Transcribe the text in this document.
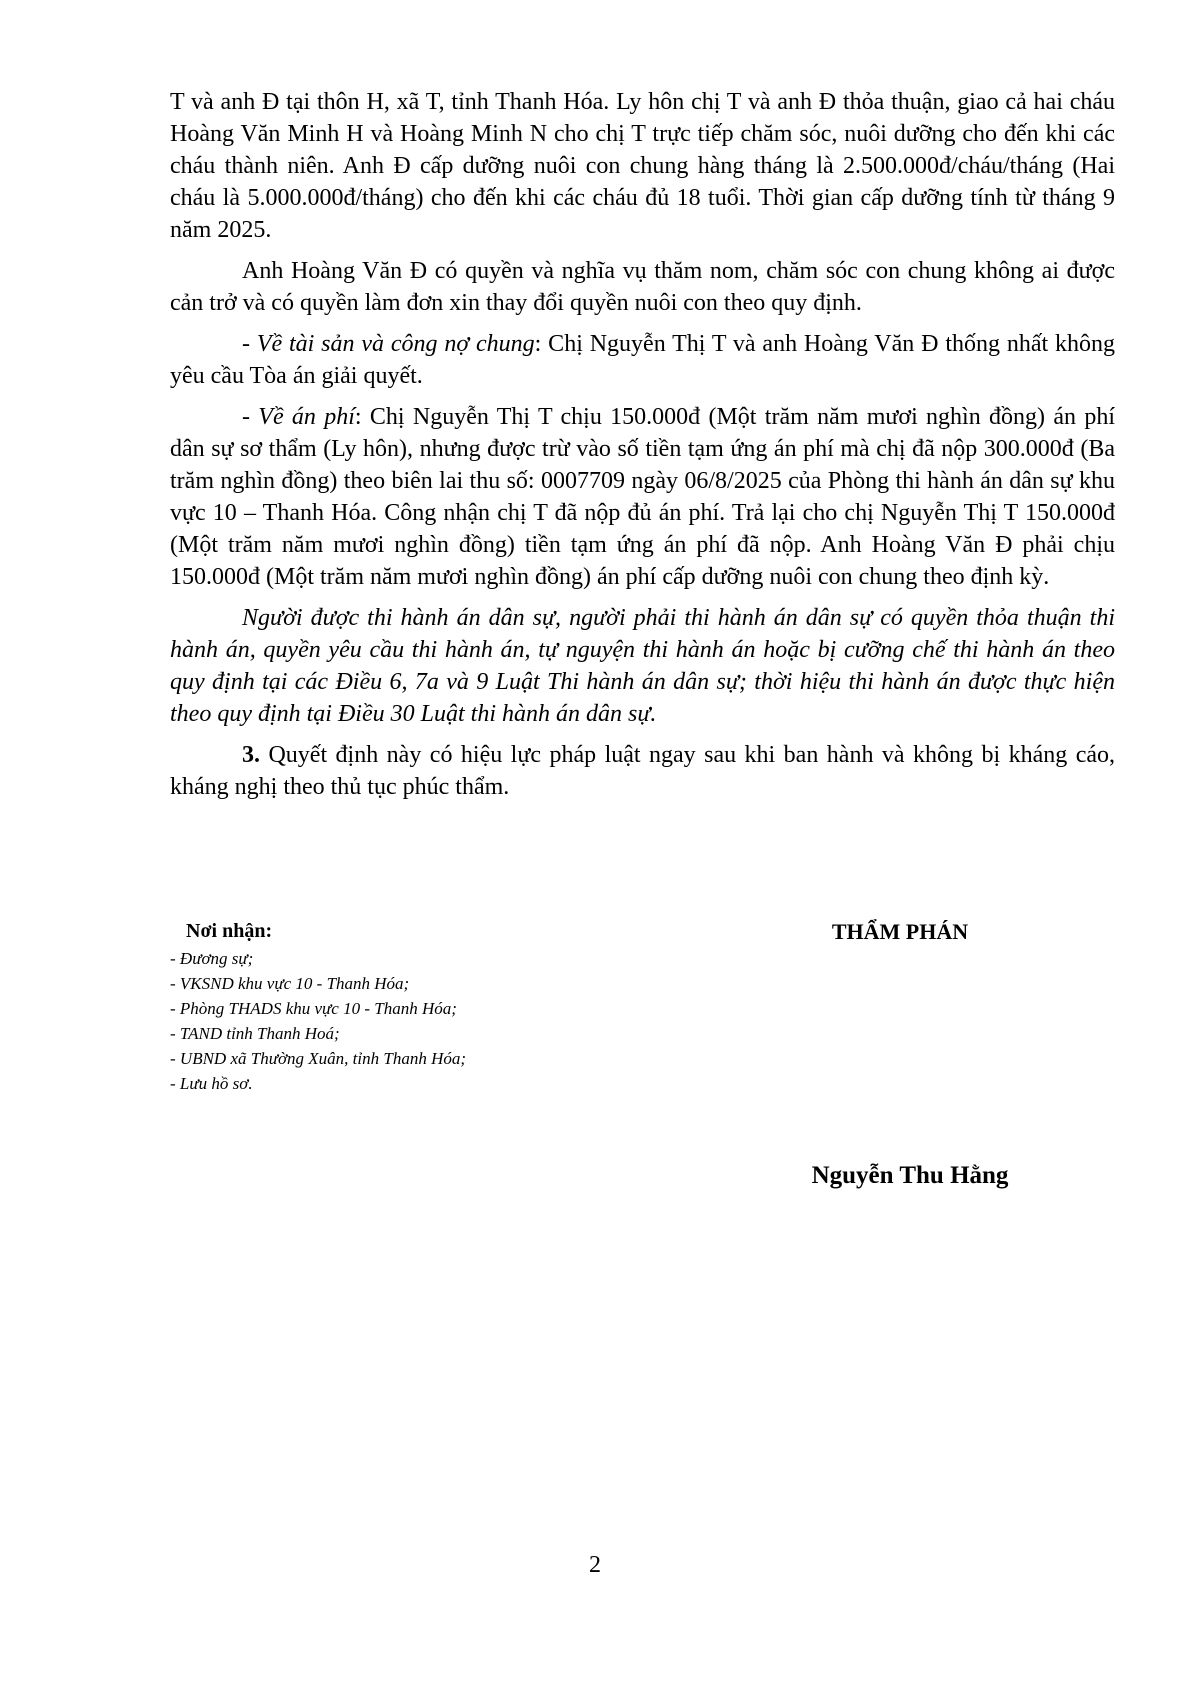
T và anh Đ tại thôn H, xã T, tỉnh Thanh Hóa. Ly hôn chị T và anh Đ thỏa thuận, giao cả hai cháu Hoàng Văn Minh H và Hoàng Minh N cho chị T trực tiếp chăm sóc, nuôi dưỡng cho đến khi các cháu thành niên. Anh Đ cấp dưỡng nuôi con chung hàng tháng là 2.500.000đ/cháu/tháng (Hai cháu là 5.000.000đ/tháng) cho đến khi các cháu đủ 18 tuổi. Thời gian cấp dưỡng tính từ tháng 9 năm 2025.

Anh Hoàng Văn Đ có quyền và nghĩa vụ thăm nom, chăm sóc con chung không ai được cản trở và có quyền làm đơn xin thay đổi quyền nuôi con theo quy định.

- Về tài sản và công nợ chung: Chị Nguyễn Thị T và anh Hoàng Văn Đ thống nhất không yêu cầu Tòa án giải quyết.

- Về án phí: Chị Nguyễn Thị T chịu 150.000đ (Một trăm năm mươi nghìn đồng) án phí dân sự sơ thẩm (Ly hôn), nhưng được trừ vào số tiền tạm ứng án phí mà chị đã nộp 300.000đ (Ba trăm nghìn đồng) theo biên lai thu số: 0007709 ngày 06/8/2025 của Phòng thi hành án dân sự khu vực 10 – Thanh Hóa. Công nhận chị T đã nộp đủ án phí. Trả lại cho chị Nguyễn Thị T 150.000đ (Một trăm năm mươi nghìn đồng) tiền tạm ứng án phí đã nộp. Anh Hoàng Văn Đ phải chịu 150.000đ (Một trăm năm mươi nghìn đồng) án phí cấp dưỡng nuôi con chung theo định kỳ.

Người được thi hành án dân sự, người phải thi hành án dân sự có quyền thỏa thuận thi hành án, quyền yêu cầu thi hành án, tự nguyện thi hành án hoặc bị cưỡng chế thi hành án theo quy định tại các Điều 6, 7a và 9 Luật Thi hành án dân sự; thời hiệu thi hành án được thực hiện theo quy định tại Điều 30 Luật thi hành án dân sự.

3. Quyết định này có hiệu lực pháp luật ngay sau khi ban hành và không bị kháng cáo, kháng nghị theo thủ tục phúc thẩm.

Nơi nhận:
- Đương sự;
- VKSND khu vực 10 - Thanh Hóa;
- Phòng THADS khu vực 10 - Thanh Hóa;
- TAND tỉnh Thanh Hoá;
- UBND xã Thường Xuân, tỉnh Thanh Hóa;
- Lưu hồ sơ.
THẨM PHÁN
Nguyễn Thu Hằng
2
